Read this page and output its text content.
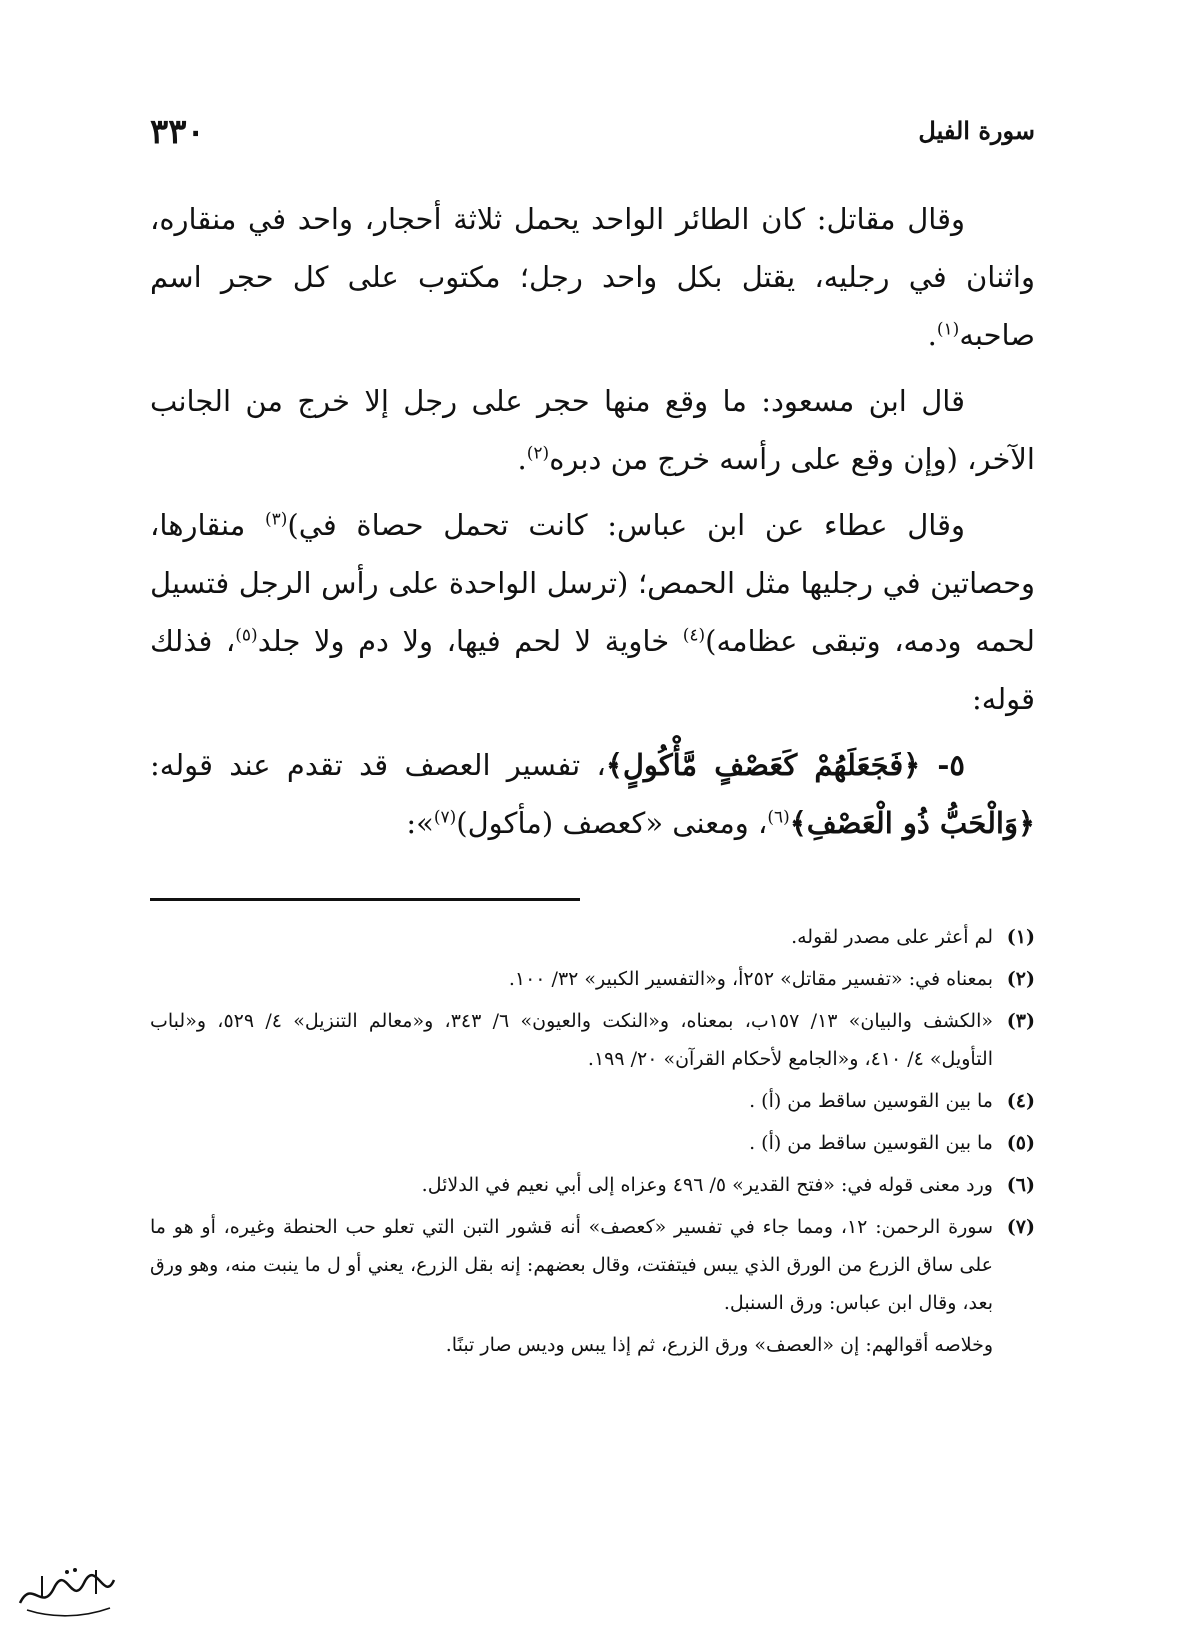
٣٣٠	سورة الفيل

وقال مقاتل: كان الطائر الواحد يحمل ثلاثة أحجار، واحد في منقاره، واثنان في رجليه، يقتل بكل واحد رجل؛ مكتوب على كل حجر اسم صاحبه$^{(١)}$.

قال ابن مسعود: ما وقع منها حجر على رجل إلا خرج من الجانب الآخر، (وإن وقع على رأسه خرج من دبره$^{(٢)}$.

وقال عطاء عن ابن عباس: كانت تحمل حصاة في)$^{(٣)}$ منقارها، وحصاتين في رجليها مثل الحمص؛ (ترسل الواحدة على رأس الرجل فتسيل لحمه ودمه، وتبقى عظامه)$^{(٤)}$ خاوية لا لحم فيها، ولا دم ولا جلد$^{(٥)}$، فذلك قوله:

٥- ﴿فَجَعَلَهُمْ كَعَصْفٍ مَّأْكُولٍ﴾، تفسير العصف قد تقدم عند قوله: ﴿وَالْحَبُّ ذُو الْعَصْفِ﴾$^{(٦)}$، ومعنى «كعصف (مأكول)$^{(٧)}$»:

(١)
لم أعثر على مصدر لقوله.
(٢)
بمعناه في: «تفسير مقاتل» ٢٥٢أ، و«التفسير الكبير» ٣٢/ ١٠٠.
(٣)
«الكشف والبيان» ١٣/ ١٥٧ب، بمعناه، و«النكت والعيون» ٦/ ٣٤٣، و«معالم التنزيل» ٤/ ٥٢٩، و«لباب التأويل» ٤/ ٤١٠، و«الجامع لأحكام القرآن» ٢٠/ ١٩٩.
(٤)
ما بين القوسين ساقط من (أ) .
(٥)
ما بين القوسين ساقط من (أ) .
(٦)
ورد معنى قوله في: «فتح القدير» ٥/ ٤٩٦ وعزاه إلى أبي نعيم في الدلائل.
(٧)
سورة الرحمن: ١٢، ومما جاء في تفسير «كعصف» أنه قشور التبن التي تعلو حب الحنطة وغيره، أو هو ما على ساق الزرع من الورق الذي يبس فيتفتت، وقال بعضهم: إنه بقل الزرع، يعني أو ل ما ينبت منه، وهو ورق بعد، وقال ابن عباس: ورق السنبل.
وخلاصه أقوالهم: إن «العصف» ورق الزرع، ثم إذا يبس وديس صار تبنًا.
